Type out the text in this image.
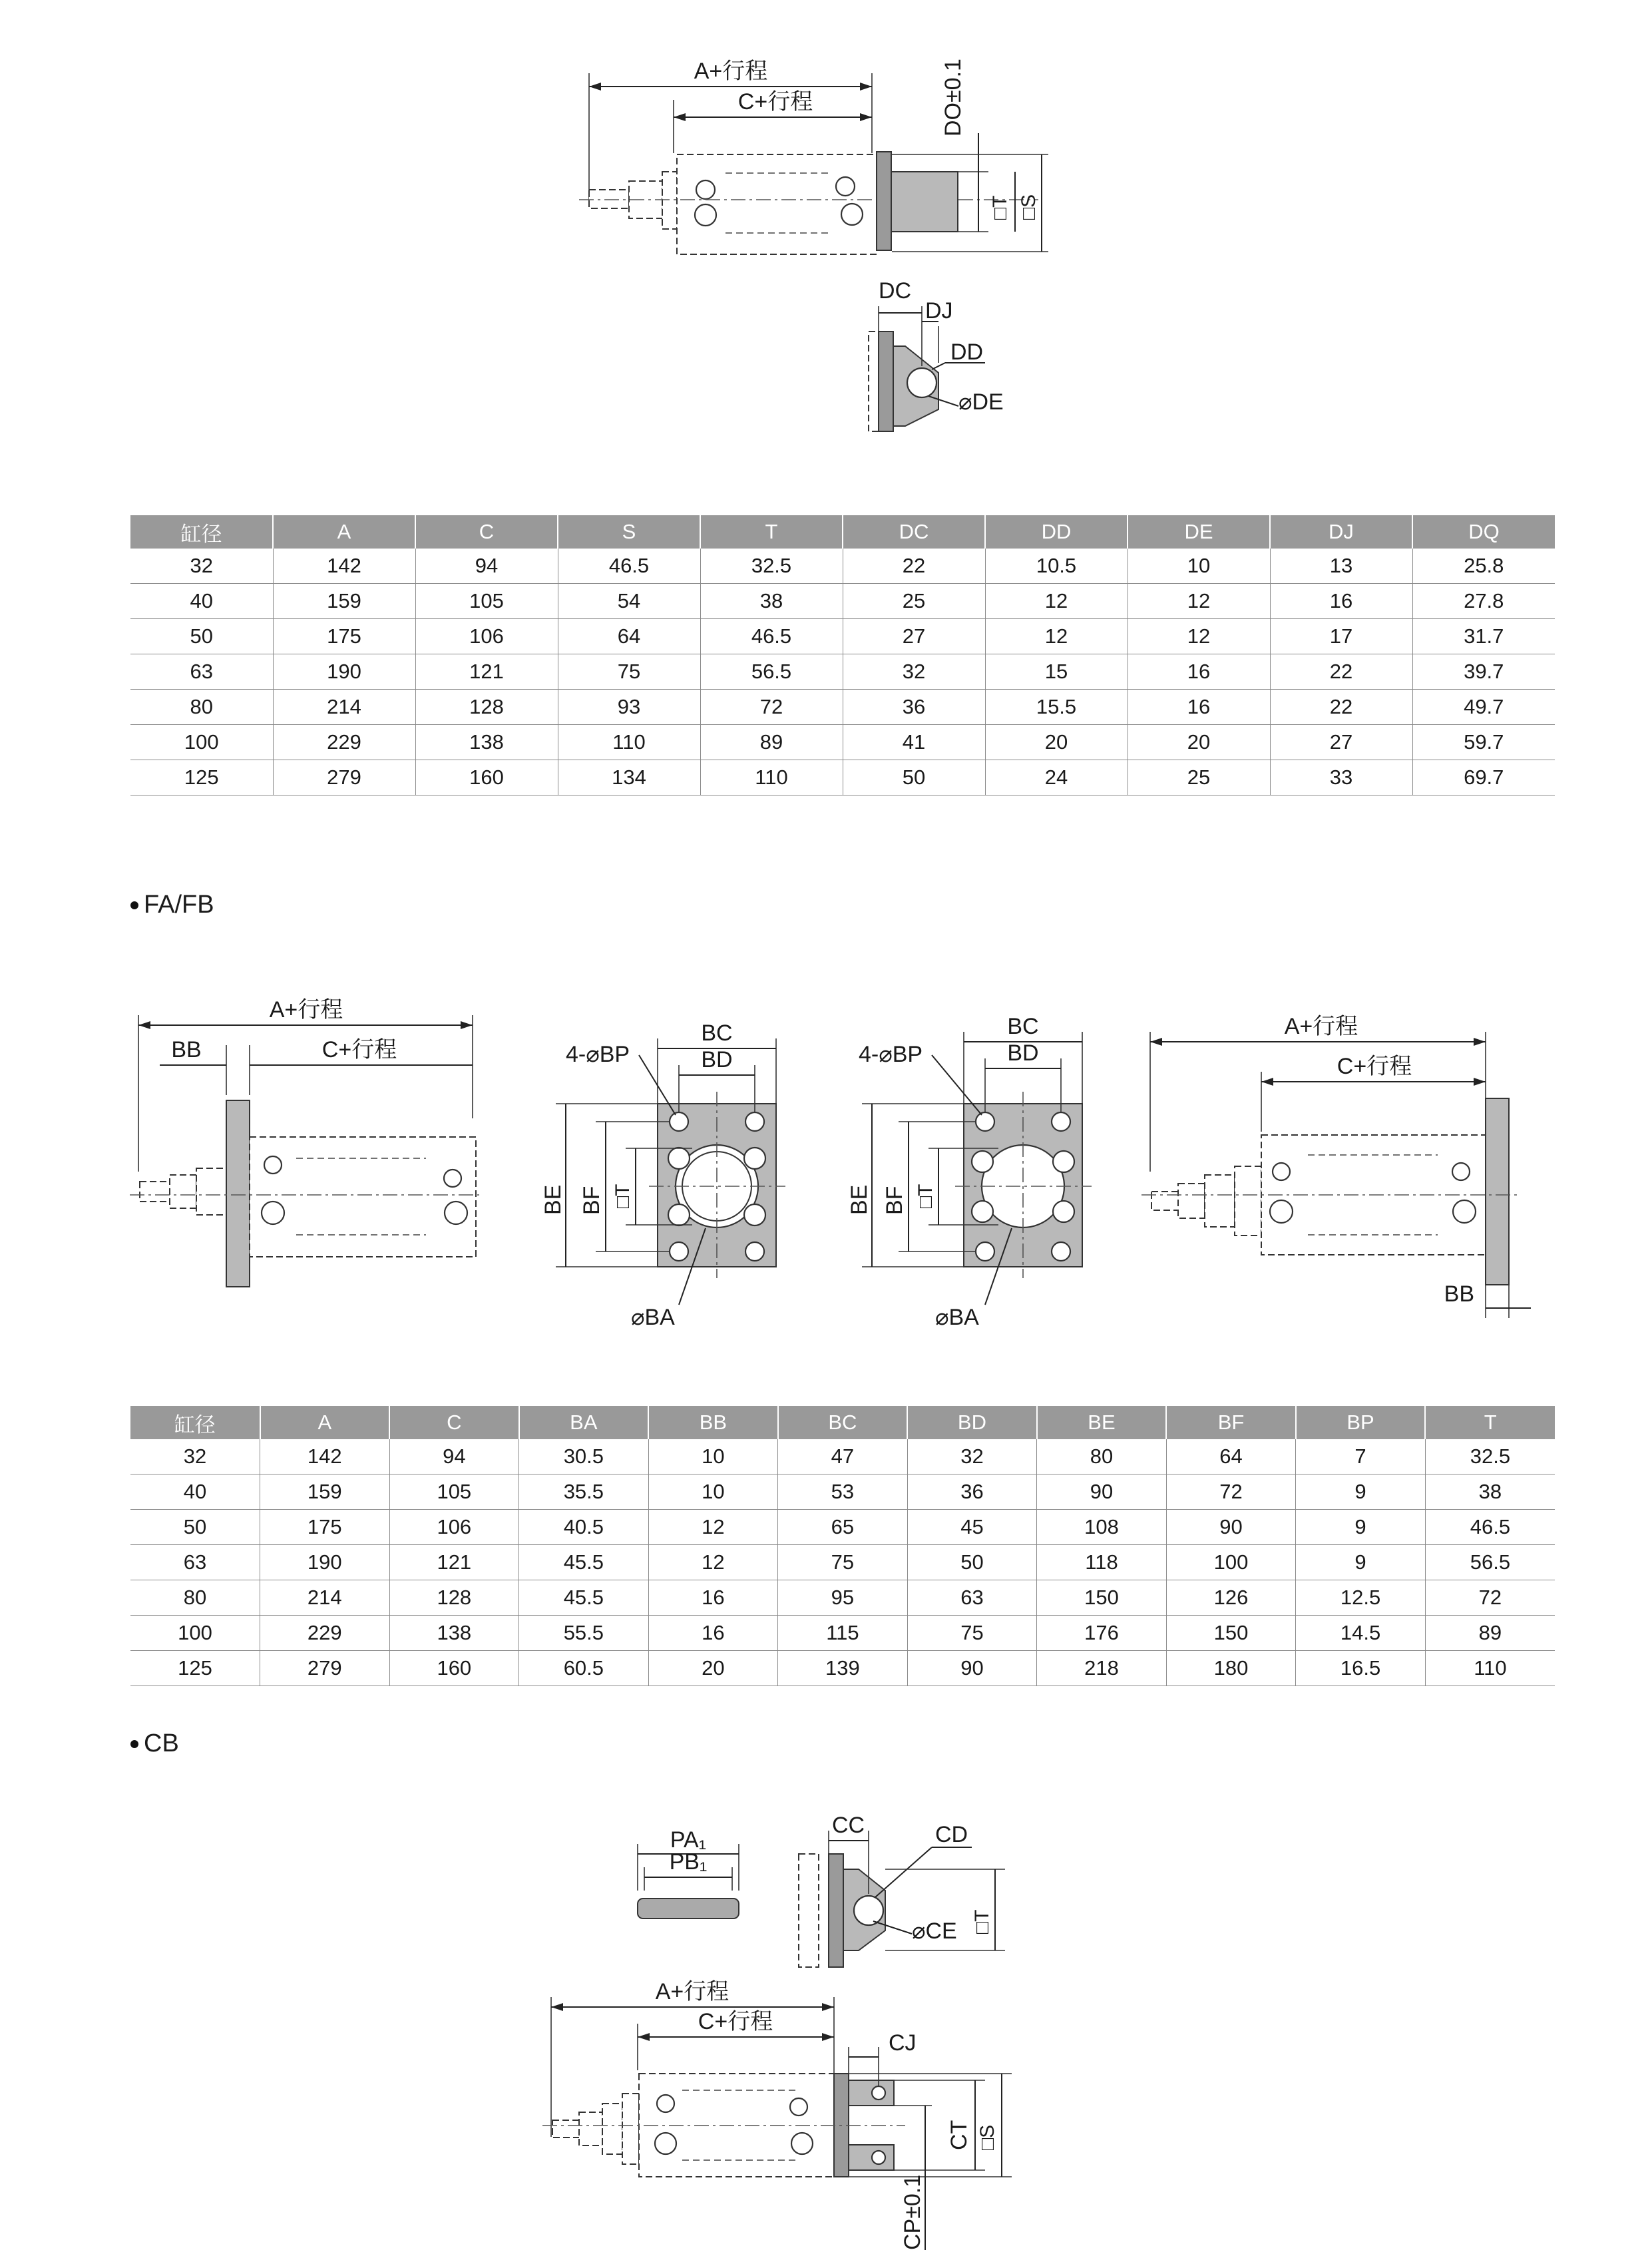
A+行程
C+行程	DO±0.1
□T □S
DC
DJ
DD
⌀DE
缸径	A	C	S	T	DC	DD	DE	DJ	DQ
32	142	94	46.5	32.5	22	10.5	10	13	25.8
40	159	105	54	38	25	12	12	16	27.8
50	175	106	64	46.5	27	12	12	17	31.7
63	190	121	75	56.5	32	15	16	22	39.7
80	214	128	93	72	36	15.5	16	22	49.7
100	229	138	110	89	41	20	20	27	59.7
125	279	160	134	110	50	24	25	33	69.7
FA/FB
A+行程
BB	C+行程
BC
BD
4-⌀BP
BE BF □T
⌀BA
BC
BD
4-⌀BP
BE BF □T
⌀BA
A+行程
C+行程
BB
缸径	A	C	BA	BB	BC	BD	BE	BF	BP	T
32	142	94	30.5	10	47	32	80	64	7	32.5
40	159	105	35.5	10	53	36	90	72	9	38
50	175	106	40.5	12	65	45	108	90	9	46.5
63	190	121	45.5	12	75	50	118	100	9	56.5
80	214	128	45.5	16	95	63	150	126	12.5	72
100	229	138	55.5	16	115	75	176	150	14.5	89
125	279	160	60.5	20	139	90	218	180	16.5	110
CB
PA₁
PB₁
CC	CD
⌀CE □T
A+行程
C+行程
CJ
CT □S
CP±0.1
